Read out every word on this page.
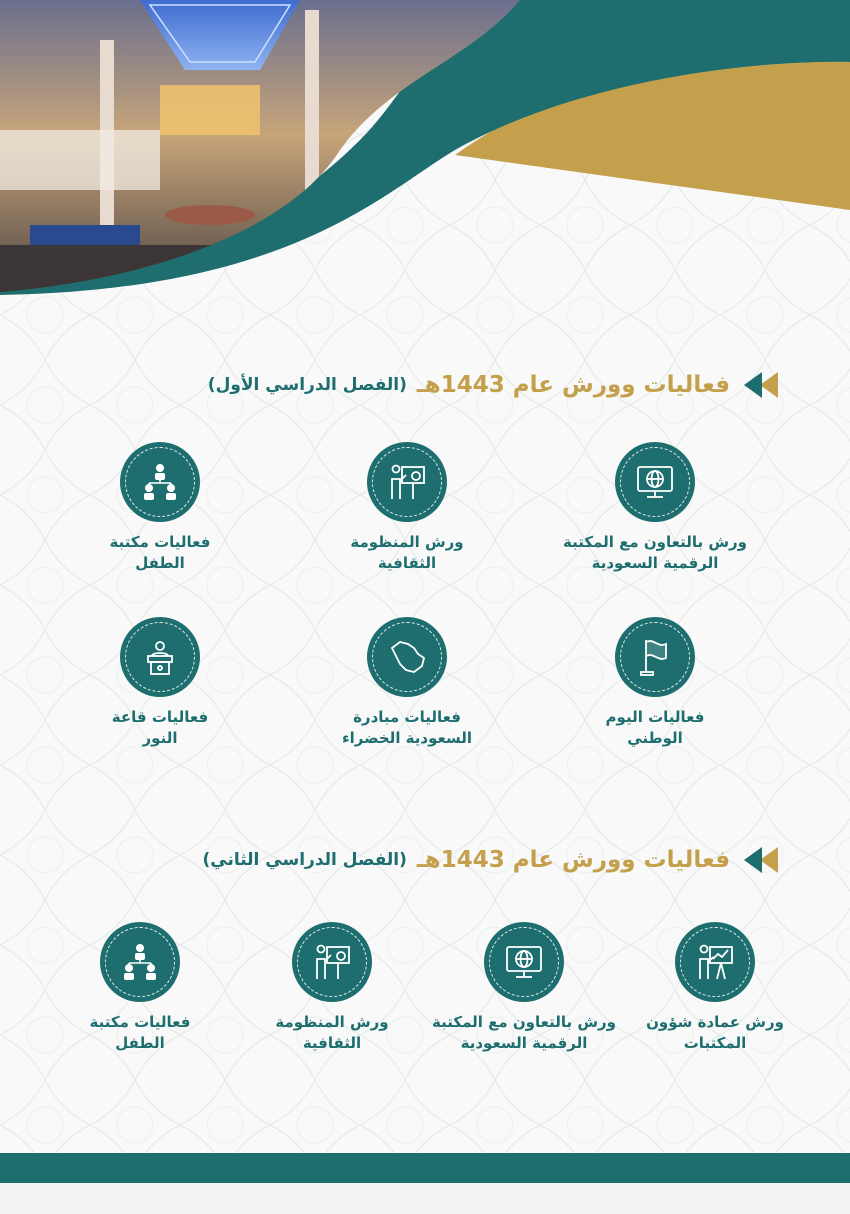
فعاليات وورش عام 1443هـ
(الفصل الدراسي الأول)
ورش بالتعاون مع المكتبة
الرقمية السعودية
ورش المنظومة
الثقافية
فعاليات مكتبة
الطفل
فعاليات اليوم
الوطني
فعاليات مبادرة
السعودية الخضراء
فعاليات قاعة
النور
فعاليات وورش عام 1443هـ
(الفصل الدراسي الثاني)
ورش عمادة شؤون
المكتبات
ورش بالتعاون مع المكتبة
الرقمية السعودية
ورش المنظومة
الثقافية
فعاليات مكتبة
الطفل
